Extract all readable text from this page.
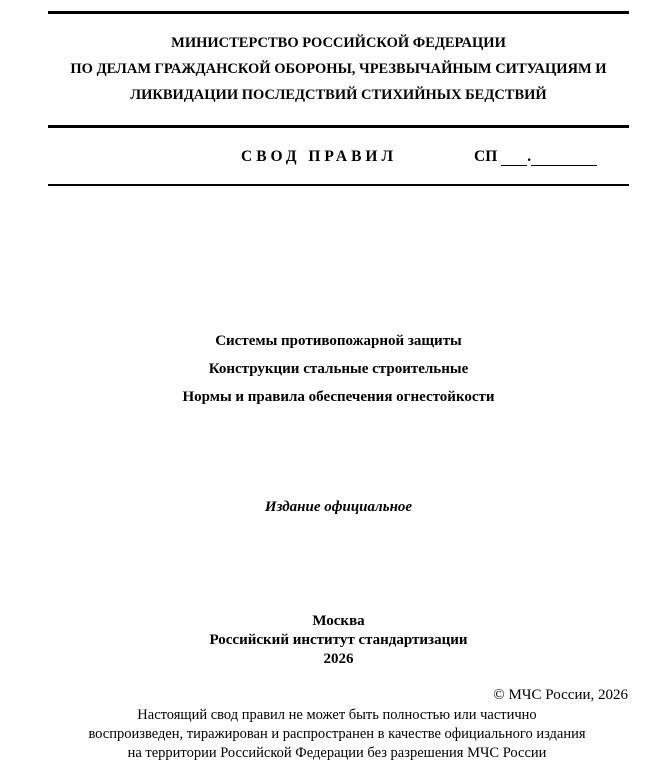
МИНИСТЕРСТВО РОССИЙСКОЙ ФЕДЕРАЦИИ
ПО ДЕЛАМ ГРАЖДАНСКОЙ ОБОРОНЫ, ЧРЕЗВЫЧАЙНЫМ СИТУАЦИЯМ И
ЛИКВИДАЦИИ ПОСЛЕДСТВИЙ СТИХИЙНЫХ БЕДСТВИЙ
СВОД ПРАВИЛ	СП .
Системы противопожарной защиты
Конструкции стальные строительные
Нормы и правила обеспечения огнестойкости
Издание официальное
Москва
Российский институт стандартизации
2026
© МЧС России, 2026
Настоящий свод правил не может быть полностью или частично
воспроизведен, тиражирован и распространен в качестве официального издания
на территории Российской Федерации без разрешения МЧС России
